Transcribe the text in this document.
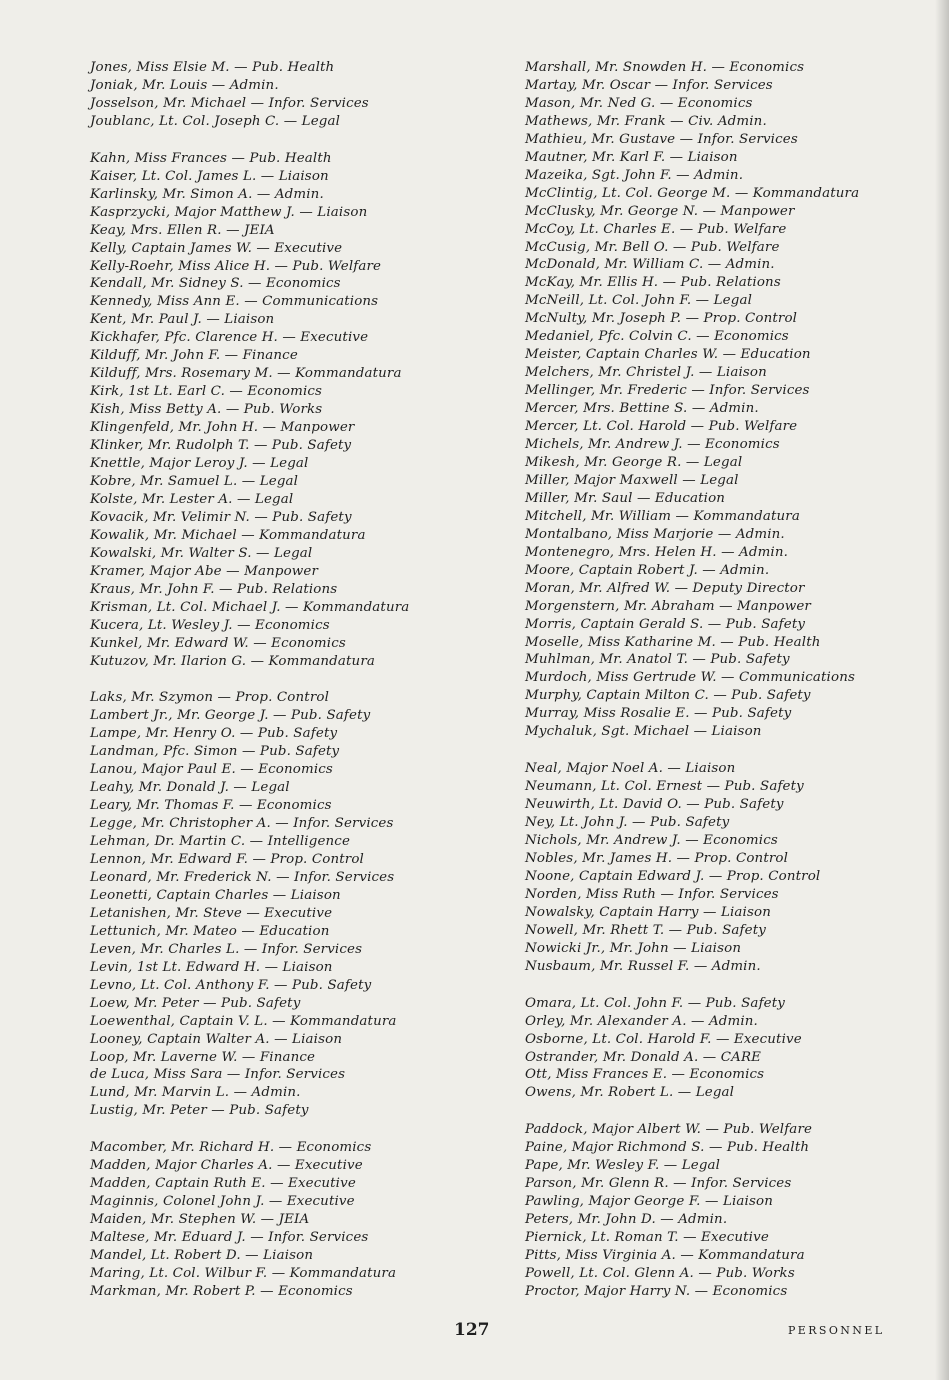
Jones, Miss Elsie M. — Pub. Health
Joniak, Mr. Louis — Admin.
Josselson, Mr. Michael — Infor. Services
Joublanc, Lt. Col. Joseph C. — Legal
Kahn, Miss Frances — Pub. Health
Kaiser, Lt. Col. James L. — Liaison
Karlinsky, Mr. Simon A. — Admin.
Kasprzycki, Major Matthew J. — Liaison
Keay, Mrs. Ellen R. — JEIA
Kelly, Captain James W. — Executive
Kelly-Roehr, Miss Alice H. — Pub. Welfare
Kendall, Mr. Sidney S. — Economics
Kennedy, Miss Ann E. — Communications
Kent, Mr. Paul J. — Liaison
Kickhafer, Pfc. Clarence H. — Executive
Kilduff, Mr. John F. — Finance
Kilduff, Mrs. Rosemary M. — Kommandatura
Kirk, 1st Lt. Earl C. — Economics
Kish, Miss Betty A. — Pub. Works
Klingenfeld, Mr. John H. — Manpower
Klinker, Mr. Rudolph T. — Pub. Safety
Knettle, Major Leroy J. — Legal
Kobre, Mr. Samuel L. — Legal
Kolste, Mr. Lester A. — Legal
Kovacik, Mr. Velimir N. — Pub. Safety
Kowalik, Mr. Michael — Kommandatura
Kowalski, Mr. Walter S. — Legal
Kramer, Major Abe — Manpower
Kraus, Mr. John F. — Pub. Relations
Krisman, Lt. Col. Michael J. — Kommandatura
Kucera, Lt. Wesley J. — Economics
Kunkel, Mr. Edward W. — Economics
Kutuzov, Mr. Ilarion G. — Kommandatura
Laks, Mr. Szymon — Prop. Control
Lambert Jr., Mr. George J. — Pub. Safety
Lampe, Mr. Henry O. — Pub. Safety
Landman, Pfc. Simon — Pub. Safety
Lanou, Major Paul E. — Economics
Leahy, Mr. Donald J. — Legal
Leary, Mr. Thomas F. — Economics
Legge, Mr. Christopher A. — Infor. Services
Lehman, Dr. Martin C. — Intelligence
Lennon, Mr. Edward F. — Prop. Control
Leonard, Mr. Frederick N. — Infor. Services
Leonetti, Captain Charles — Liaison
Letanishen, Mr. Steve — Executive
Lettunich, Mr. Mateo — Education
Leven, Mr. Charles L. — Infor. Services
Levin, 1st Lt. Edward H. — Liaison
Levno, Lt. Col. Anthony F. — Pub. Safety
Loew, Mr. Peter — Pub. Safety
Loewenthal, Captain V. L. — Kommandatura
Looney, Captain Walter A. — Liaison
Loop, Mr. Laverne W. — Finance
de Luca, Miss Sara — Infor. Services
Lund, Mr. Marvin L. — Admin.
Lustig, Mr. Peter — Pub. Safety
Macomber, Mr. Richard H. — Economics
Madden, Major Charles A. — Executive
Madden, Captain Ruth E. — Executive
Maginnis, Colonel John J. — Executive
Maiden, Mr. Stephen W. — JEIA
Maltese, Mr. Eduard J. — Infor. Services
Mandel, Lt. Robert D. — Liaison
Maring, Lt. Col. Wilbur F. — Kommandatura
Markman, Mr. Robert P. — Economics
Marshall, Mr. Snowden H. — Economics
Martay, Mr. Oscar — Infor. Services
Mason, Mr. Ned G. — Economics
Mathews, Mr. Frank — Civ. Admin.
Mathieu, Mr. Gustave — Infor. Services
Mautner, Mr. Karl F. — Liaison
Mazeika, Sgt. John F. — Admin.
McClintig, Lt. Col. George M. — Kommandatura
McClusky, Mr. George N. — Manpower
McCoy, Lt. Charles E. — Pub. Welfare
McCusig, Mr. Bell O. — Pub. Welfare
McDonald, Mr. William C. — Admin.
McKay, Mr. Ellis H. — Pub. Relations
McNeill, Lt. Col. John F. — Legal
McNulty, Mr. Joseph P. — Prop. Control
Medaniel, Pfc. Colvin C. — Economics
Meister, Captain Charles W. — Education
Melchers, Mr. Christel J. — Liaison
Mellinger, Mr. Frederic — Infor. Services
Mercer, Mrs. Bettine S. — Admin.
Mercer, Lt. Col. Harold — Pub. Welfare
Michels, Mr. Andrew J. — Economics
Mikesh, Mr. George R. — Legal
Miller, Major Maxwell — Legal
Miller, Mr. Saul — Education
Mitchell, Mr. William — Kommandatura
Montalbano, Miss Marjorie — Admin.
Montenegro, Mrs. Helen H. — Admin.
Moore, Captain Robert J. — Admin.
Moran, Mr. Alfred W. — Deputy Director
Morgenstern, Mr. Abraham — Manpower
Morris, Captain Gerald S. — Pub. Safety
Moselle, Miss Katharine M. — Pub. Health
Muhlman, Mr. Anatol T. — Pub. Safety
Murdoch, Miss Gertrude W. — Communications
Murphy, Captain Milton C. — Pub. Safety
Murray, Miss Rosalie E. — Pub. Safety
Mychaluk, Sgt. Michael — Liaison
Neal, Major Noel A. — Liaison
Neumann, Lt. Col. Ernest — Pub. Safety
Neuwirth, Lt. David O. — Pub. Safety
Ney, Lt. John J. — Pub. Safety
Nichols, Mr. Andrew J. — Economics
Nobles, Mr. James H. — Prop. Control
Noone, Captain Edward J. — Prop. Control
Norden, Miss Ruth — Infor. Services
Nowalsky, Captain Harry — Liaison
Nowell, Mr. Rhett T. — Pub. Safety
Nowicki Jr., Mr. John — Liaison
Nusbaum, Mr. Russel F. — Admin.
Omara, Lt. Col. John F. — Pub. Safety
Orley, Mr. Alexander A. — Admin.
Osborne, Lt. Col. Harold F. — Executive
Ostrander, Mr. Donald A. — CARE
Ott, Miss Frances E. — Economics
Owens, Mr. Robert L. — Legal
Paddock, Major Albert W. — Pub. Welfare
Paine, Major Richmond S. — Pub. Health
Pape, Mr. Wesley F. — Legal
Parson, Mr. Glenn R. — Infor. Services
Pawling, Major George F. — Liaison
Peters, Mr. John D. — Admin.
Piernick, Lt. Roman T. — Executive
Pitts, Miss Virginia A. — Kommandatura
Powell, Lt. Col. Glenn A. — Pub. Works
Proctor, Major Harry N. — Economics
127	PERSONNEL
